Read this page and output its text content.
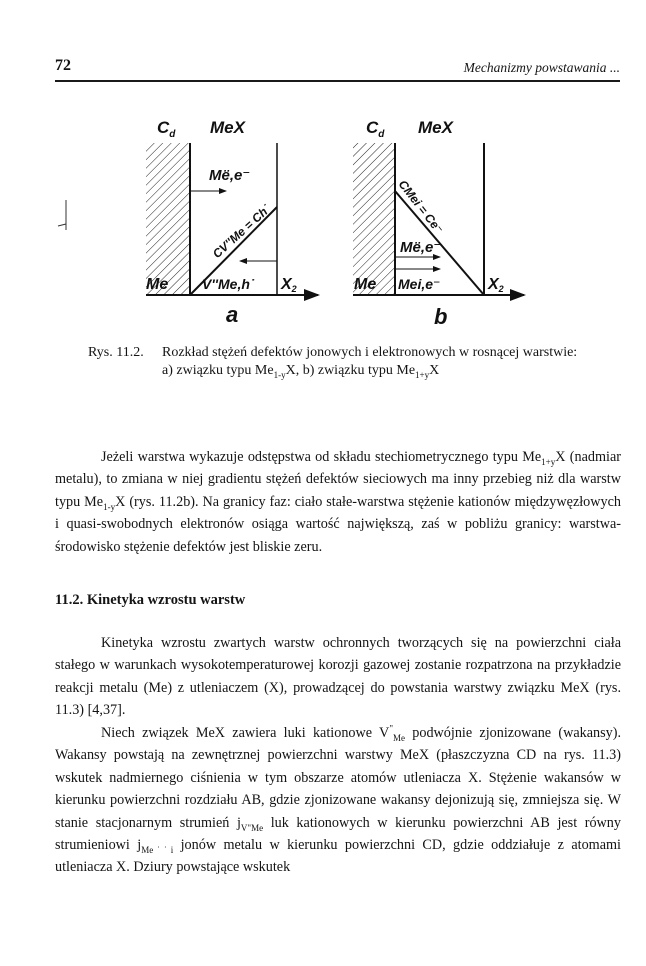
72	Mechanizmy powstawania ...
$C_d$ MeX
Më,e⁻
CV''Me = Ch˙
Me V''Me,h˙ X2
a
$C_d$ MeX
CMei = Ce⁻
Më,e⁻
Me Mei,e⁻	X2
b
Rys. 11.2. Rozkład stężeń defektów jonowych i elektronowych w rosnącej warstwie:
a) związku typu $Me_{1-y}X$, b) związku typu $Me_{1+y}X$

Jeżeli warstwa wykazuje odstępstwa od składu stechiometrycznego typu $Me_{1+y}X$ (nadmiar metalu), to zmiana w niej gradientu stężeń defektów sieciowych ma inny przebieg niż dla warstw typu $Me_{1-y}X$ (rys. 11.2b). Na granicy faz: ciało stałe-warstwa stężenie kationów międzywęzłowych i quasi-swobodnych elektronów osiąga wartość największą, zaś w pobliżu granicy: warstwa-środowisko stężenie defektów jest bliskie zeru.

11.2. Kinetyka wzrostu warstw

Kinetyka wzrostu zwartych warstw ochronnych tworzących się na powierzchni ciała stałego w warunkach wysokotemperaturowej korozji gazowej zostanie rozpatrzona na przykładzie reakcji metalu (Me) z utleniaczem (X), prowadzącej do powstania warstwy związku MeX (rys. 11.3) [4,37].

Niech związek MeX zawiera luki kationowe $V^"_{Me}$ podwójnie zjonizowane (wakansy). Wakansy powstają na zewnętrznej powierzchni warstwy MeX (płaszczyzna CD na rys. 11.3) wskutek nadmiernego ciśnienia w tym obszarze atomów utleniacza X. Stężenie wakansów w kierunku powierzchni rozdziału AB, gdzie zjonizowane wakansy dejonizują się, zmniejsza się. W stanie stacjonarnym strumień $j_{V"Me}$ luk kationowych w kierunku powierzchni AB jest równy strumieniowi $j_{Me˙˙i}$ jonów metalu w kierunku powierzchni CD, gdzie oddziałuje z atomami utleniacza X. Dziury powstające wskutek
